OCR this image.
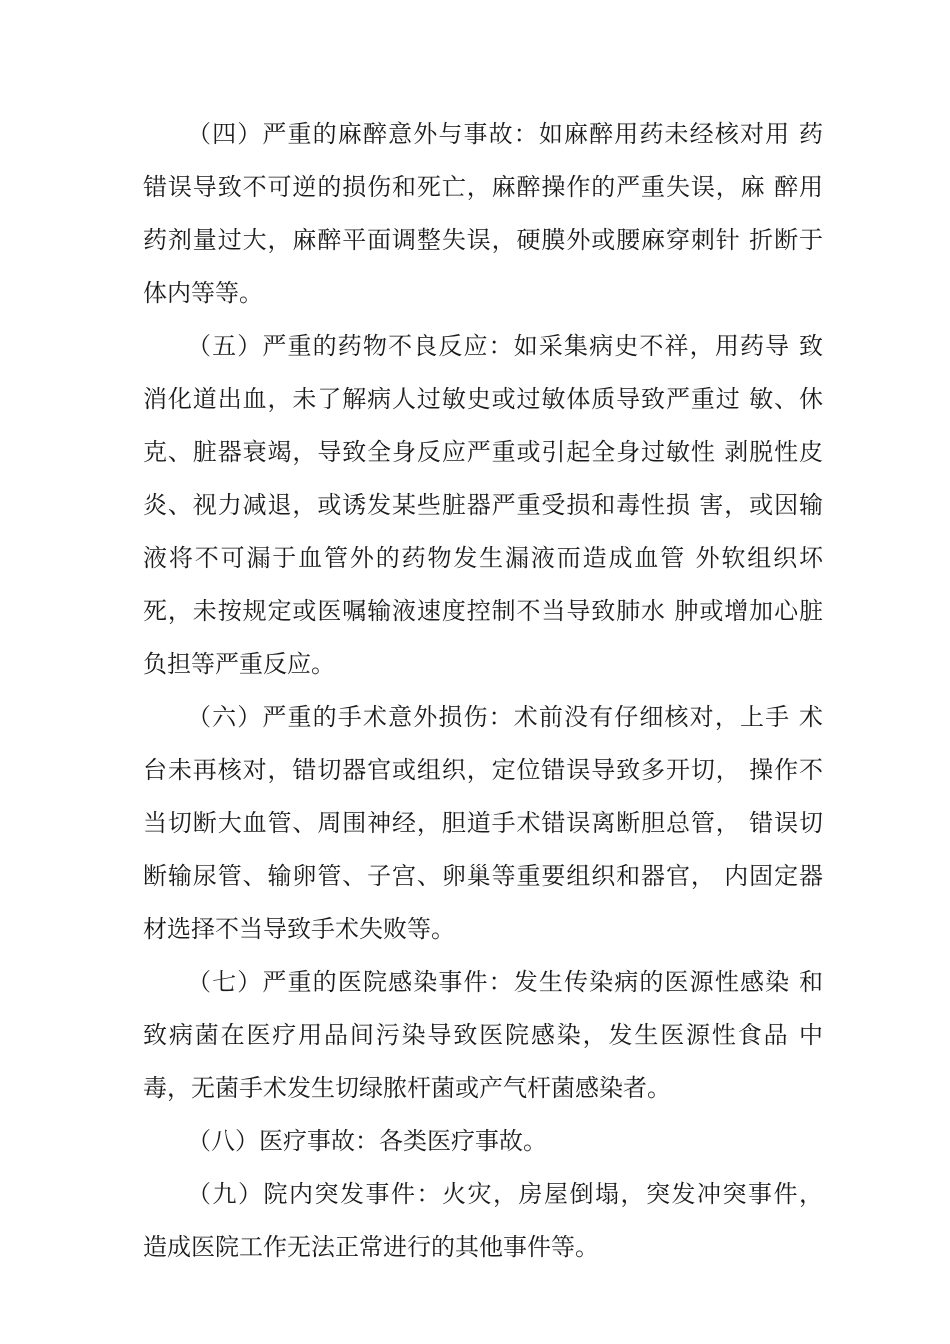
（四）严重的麻醉意外与事故：如麻醉用药未经核对用 药
错误导致不可逆的损伤和死亡，麻醉操作的严重失误，麻 醉用
药剂量过大，麻醉平面调整失误，硬膜外或腰麻穿刺针 折断于
体内等等。
（五）严重的药物不良反应：如采集病史不祥，用药导 致
消化道出血，未了解病人过敏史或过敏体质导致严重过 敏、休
克、脏器衰竭，导致全身反应严重或引起全身过敏性 剥脱性皮
炎、视力减退，或诱发某些脏器严重受损和毒性损 害，或因输
液将不可漏于血管外的药物发生漏液而造成血管 外软组织坏
死，未按规定或医嘱输液速度控制不当导致肺水 肿或增加心脏
负担等严重反应。
（六）严重的手术意外损伤：术前没有仔细核对，上手 术
台未再核对，错切器官或组织，定位错误导致多开切， 操作不
当切断大血管、周围神经，胆道手术错误离断胆总管， 错误切
断输尿管、输卵管、子宫、卵巢等重要组织和器官， 内固定器
材选择不当导致手术失败等。
（七）严重的医院感染事件：发生传染病的医源性感染 和
致病菌在医疗用品间污染导致医院感染，发生医源性食品 中
毒，无菌手术发生切绿脓杆菌或产气杆菌感染者。
（八）医疗事故：各类医疗事故。
（九）院内突发事件：火灾，房屋倒塌，突发冲突事件，
造成医院工作无法正常进行的其他事件等。
